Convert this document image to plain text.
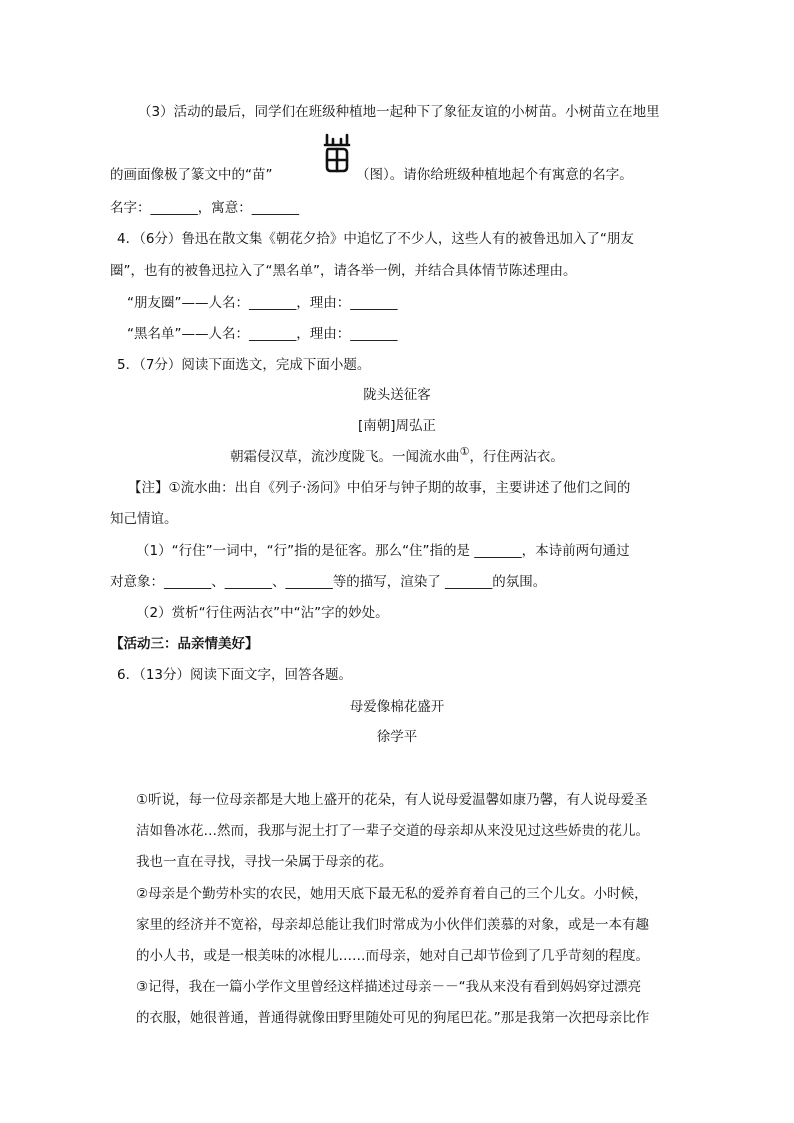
（3）活动的最后，同学们在班级种植地一起种下了象征友谊的小树苗。小树苗立在地里
的画面像极了篆文中的“苗”	（图）。请你给班级种植地起个有寓意的名字。
名字：_______，寓意：_______
4．（6分）鲁迅在散文集《朝花夕拾》中追忆了不少人，这些人有的被鲁迅加入了“朋友
圈”，也有的被鲁迅拉入了“黑名单”，请各举一例，并结合具体情节陈述理由。
“朋友圈”——人名：_______，理由：_______
“黑名单”——人名：_______，理由：_______
5．（7分）阅读下面选文，完成下面小题。
陇头送征客
[南朝]周弘正
朝霜侵汉草，流沙度陇飞。一闻流水曲①，行住两沾衣。
【注】①流水曲：出自《列子·汤问》中伯牙与钟子期的故事，主要讲述了他们之间的
知己情谊。
（1）“行住”一词中，“行”指的是征客。那么“住”指的是 _______，本诗前两句通过
对意象：_______、_______、_______等的描写，渲染了 _______的氛围。
（2）赏析“行住两沾衣”中“沾”字的妙处。
【活动三：品亲情美好】
6．（13分）阅读下面文字，回答各题。
母爱像棉花盛开
徐学平
①听说，每一位母亲都是大地上盛开的花朵，有人说母爱温馨如康乃馨，有人说母爱圣
洁如鲁冰花…然而，我那与泥土打了一辈子交道的母亲却从来没见过这些娇贵的花儿。
我也一直在寻找，寻找一朵属于母亲的花。
②母亲是个勤劳朴实的农民，她用天底下最无私的爱养育着自己的三个儿女。小时候，
家里的经济并不宽裕，母亲却总能让我们时常成为小伙伴们羡慕的对象，或是一本有趣
的小人书，或是一根美味的冰棍儿……而母亲，她对自己却节俭到了几乎苛刻的程度。
③记得，我在一篇小学作文里曾经这样描述过母亲－－“我从来没有看到妈妈穿过漂亮
的衣服，她很普通，普通得就像田野里随处可见的狗尾巴花。”那是我第一次把母亲比作
